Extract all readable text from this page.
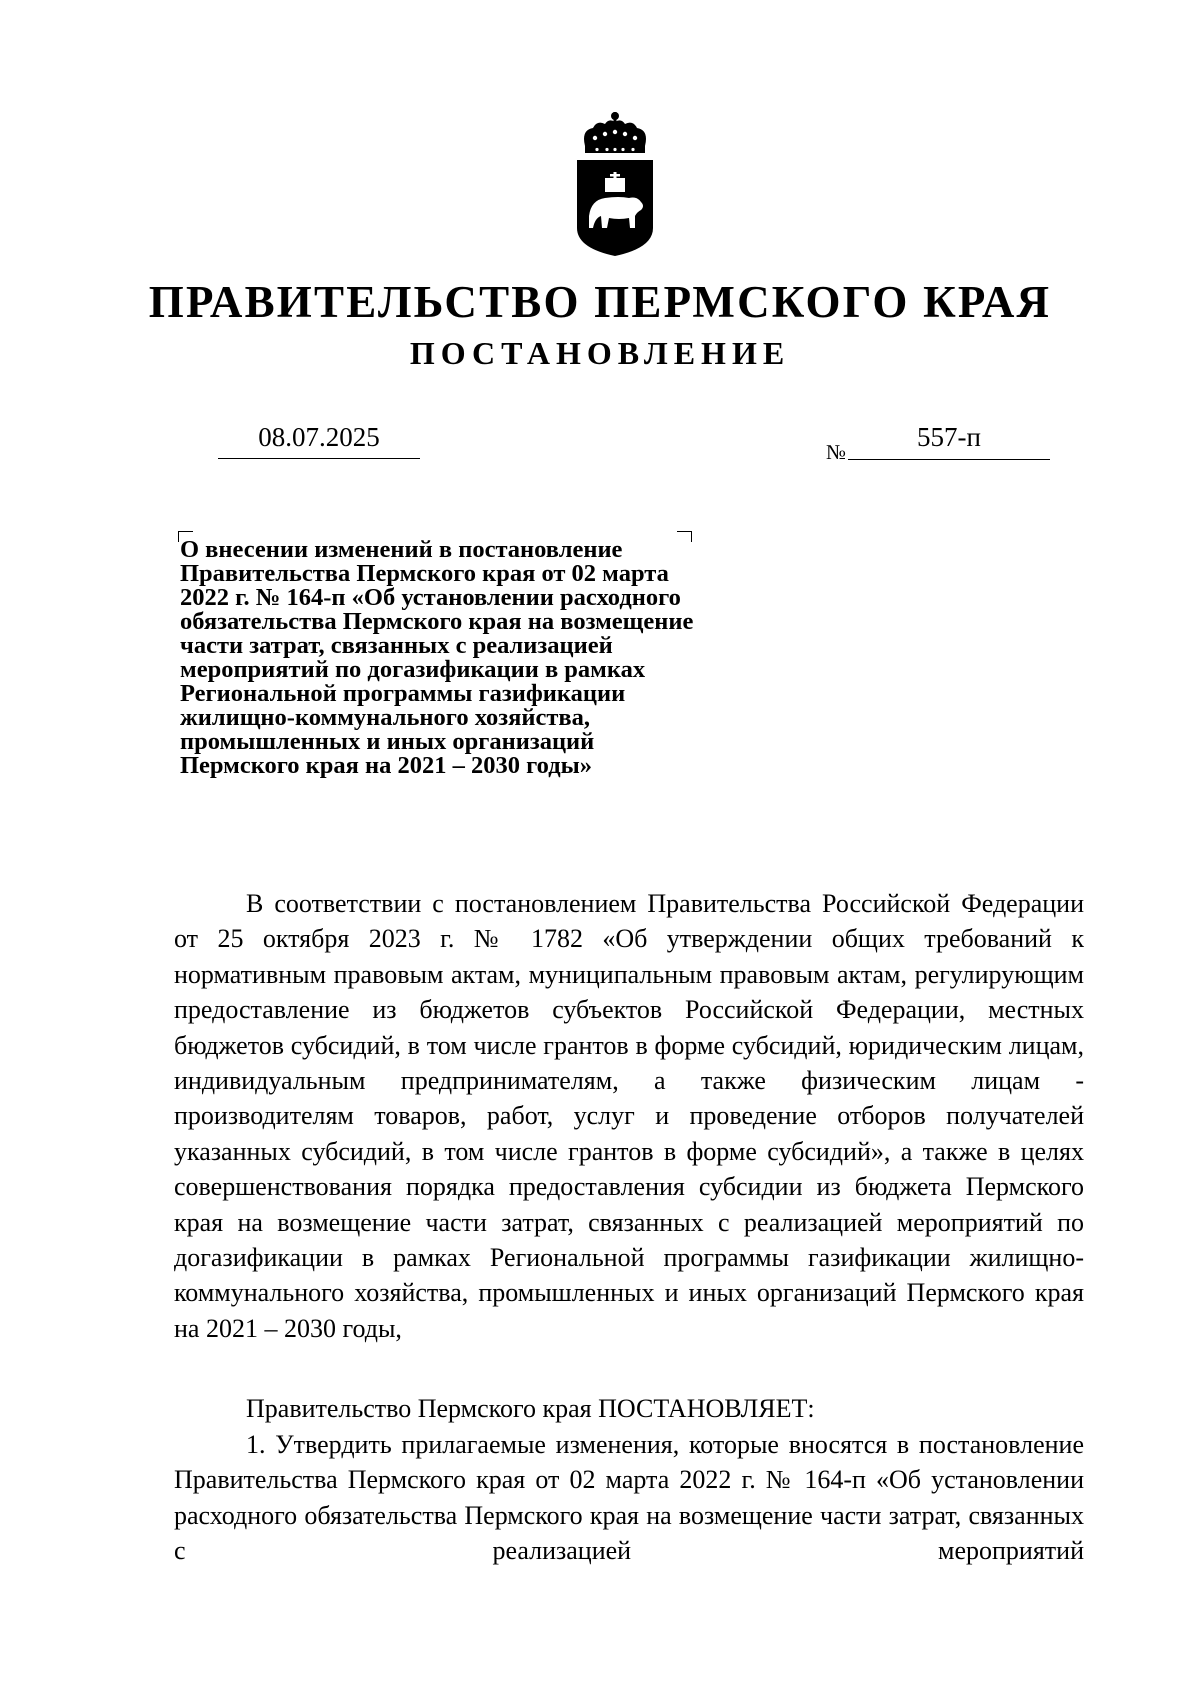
ПРАВИТЕЛЬСТВО ПЕРМСКОГО КРАЯ
ПОСТАНОВЛЕНИЕ
08.07.2025	№	557-п
О внесении изменений в постановление
Правительства Пермского края от 02 марта
2022 г. № 164-п «Об установлении расходного
обязательства Пермского края на возмещение
части затрат, связанных с реализацией
мероприятий по догазификации в рамках
Региональной программы газификации
жилищно-коммунального хозяйства,
промышленных и иных организаций
Пермского края на 2021 – 2030 годы»

В соответствии с постановлением Правительства Российской Федерации от 25 октября 2023 г. № 1782 «Об утверждении общих требований к нормативным правовым актам, муниципальным правовым актам, регулирующим предоставление из бюджетов субъектов Российской Федерации, местных бюджетов субсидий, в том числе грантов в форме субсидий, юридическим лицам, индивидуальным предпринимателям, а также физическим лицам - производителям товаров, работ, услуг и проведение отборов получателей указанных субсидий, в том числе грантов в форме субсидий», а также в целях совершенствования порядка предоставления субсидии из бюджета Пермского края на возмещение части затрат, связанных с реализацией мероприятий по догазификации в рамках Региональной программы газификации жилищно-коммунального хозяйства, промышленных и иных организаций Пермского края на 2021 – 2030 годы,

Правительство Пермского края ПОСТАНОВЛЯЕТ:

1. Утвердить прилагаемые изменения, которые вносятся в постановление Правительства Пермского края от 02 марта 2022 г. № 164-п «Об установлении расходного обязательства Пермского края на возмещение части затрат, связанных с реализацией мероприятий
